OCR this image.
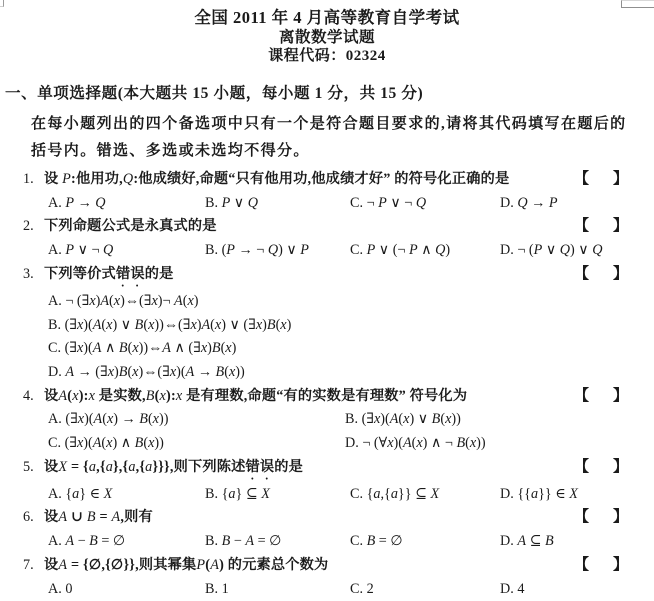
全国 2011 年 4 月高等教育自学考试
离散数学试题
课程代码：02324
一、单项选择题(本大题共 15 小题，每小题 1 分，共 15 分)
在每小题列出的四个备选项中只有一个是符合题目要求的,请将其代码填写在题后的
括号内。错选、多选或未选均不得分。
1. 设 P:他用功,Q:他成绩好,命题“只有他用功,他成绩才好” 的符号化正确的是	【 】
A. P → Q	B. P ∨ Q	C. ¬ P ∨ ¬ Q	D. Q → P
2. 下列命题公式是永真式的是	【 】
A. P ∨ ¬ Q	B. (P → ¬ Q) ∨ P	C. P ∨ (¬ P ∧ Q)	D. ¬ (P ∨ Q) ∨ Q
3. 下列等价式错误的是	【 】
A. ¬ (∃x)A(x)⇔(∃x)¬ A(x)
B. (∃x)(A(x) ∨ B(x))⇔(∃x)A(x) ∨ (∃x)B(x)
C. (∃x)(A ∧ B(x))⇔A ∧ (∃x)B(x)
D. A → (∃x)B(x)⇔(∃x)(A → B(x))
4. 设A(x):x 是实数,B(x):x 是有理数,命题“有的实数是有理数” 符号化为	【 】
A. (∃x)(A(x) → B(x))	B. (∃x)(A(x) ∨ B(x))
C. (∃x)(A(x) ∧ B(x))	D. ¬ (∀x)(A(x) ∧ ¬ B(x))
5. 设X = {a,{a},{a,{a}}},则下列陈述错误的是	【 】
A. {a} ∈ X	B. {a} ⊆ X	C. {a,{a}} ⊆ X	D. {{a}} ∈ X
6. 设A ∪ B = A,则有	【 】
A. A − B = ∅	B. B − A = ∅	C. B = ∅	D. A ⊆ B
7. 设A = {∅,{∅}},则其幂集P(A) 的元素总个数为	【 】
A. 0	B. 1	C. 2	D. 4
